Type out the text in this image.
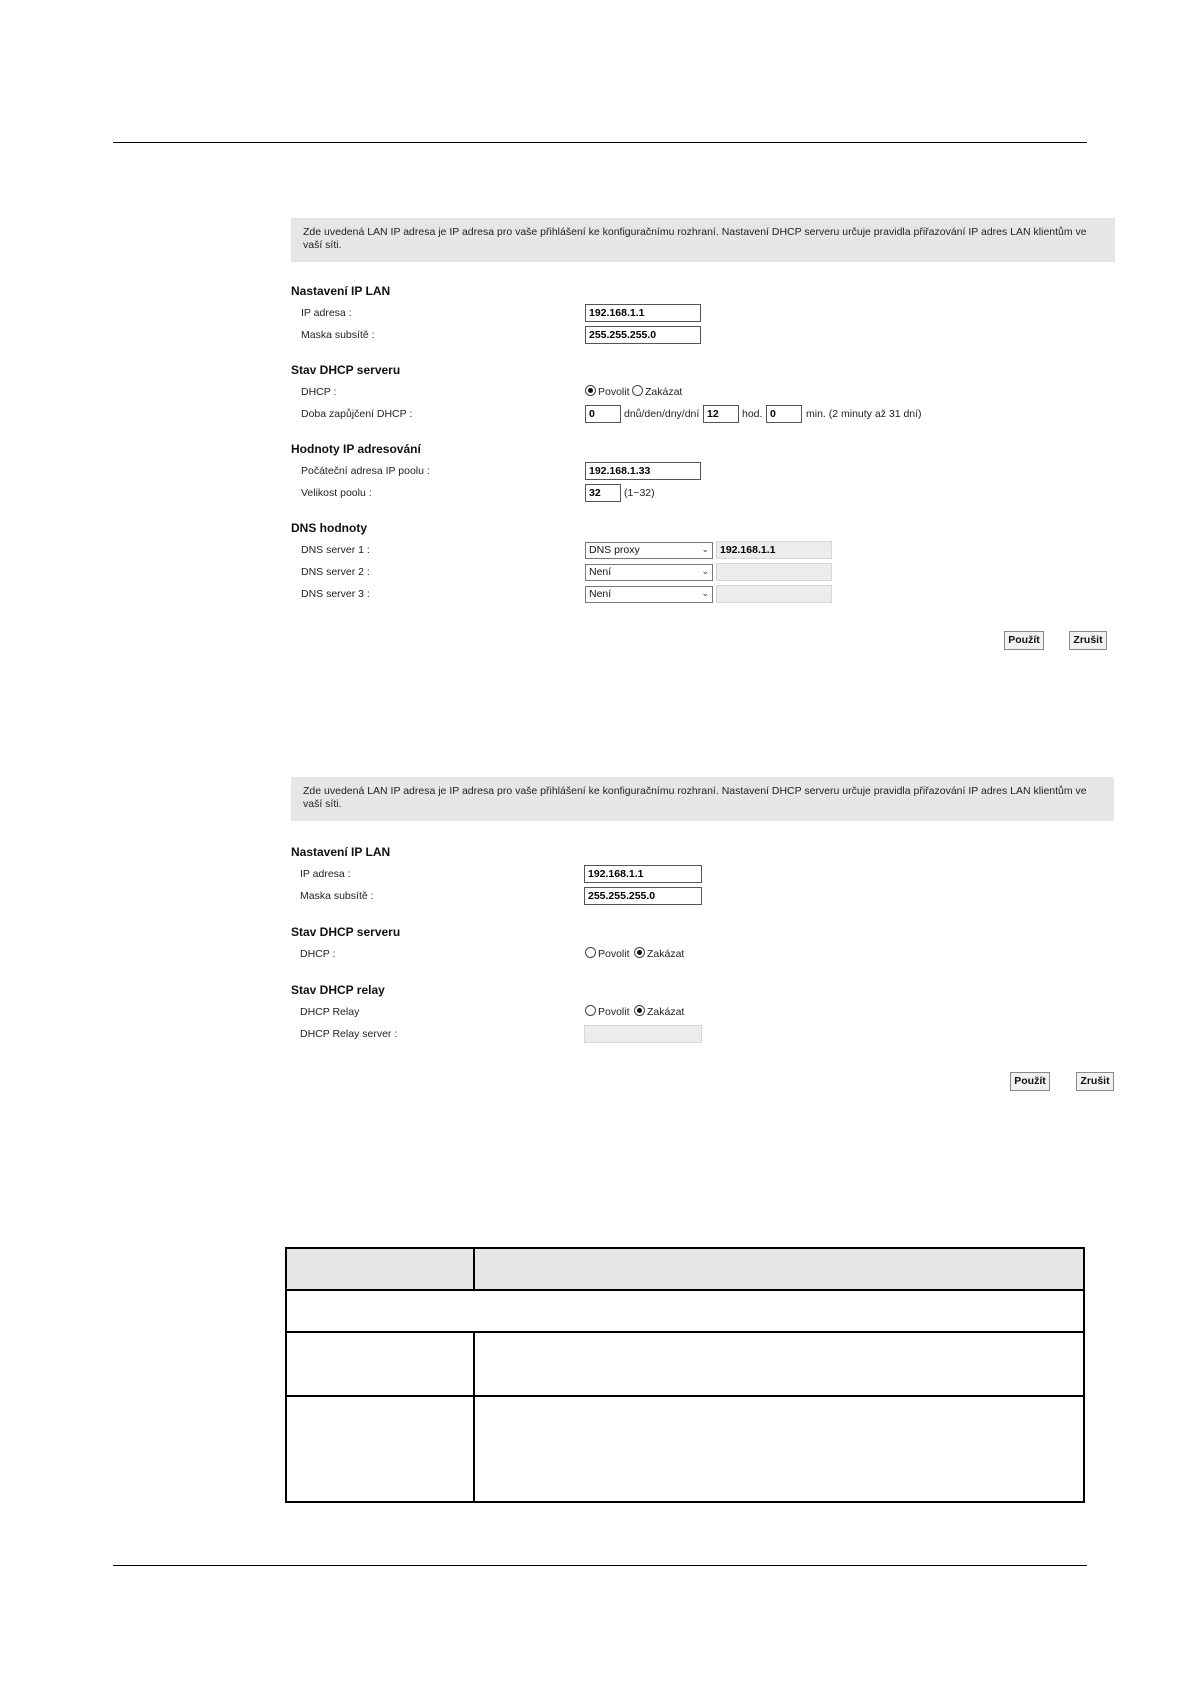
Zde uvedená LAN IP adresa je IP adresa pro vaše přihlášení ke konfiguračnímu rozhraní. Nastavení DHCP serveru určuje pravidla přiřazování IP adres LAN klientům ve vaší síti.
Nastavení IP LAN
IP adresa :	192.168.1.1
Maska subsítě :	255.255.255.0
Stav DHCP serveru
DHCP :	Povolit Zakázat
Doba zapůjčení DHCP :	0	dnů/den/dny/dní 12	hod. 0	min. (2 minuty až 31 dní)
Hodnoty IP adresování
Počáteční adresa IP poolu :	192.168.1.33
Velikost poolu :	32	(1~32)
DNS hodnoty
DNS server 1 :	DNS proxy	⌄	192.168.1.1
DNS server 2 :	Není	⌄
DNS server 3 :	Není	⌄
Použít	Zrušit
Zde uvedená LAN IP adresa je IP adresa pro vaše přihlášení ke konfiguračnímu rozhraní. Nastavení DHCP serveru určuje pravidla přiřazování IP adres LAN klientům ve vaší síti.
Nastavení IP LAN
IP adresa :	192.168.1.1
Maska subsítě :	255.255.255.0
Stav DHCP serveru
DHCP :	Povolit Zakázat
Stav DHCP relay
DHCP Relay	Povolit Zakázat
DHCP Relay server :
Použít	Zrušit
